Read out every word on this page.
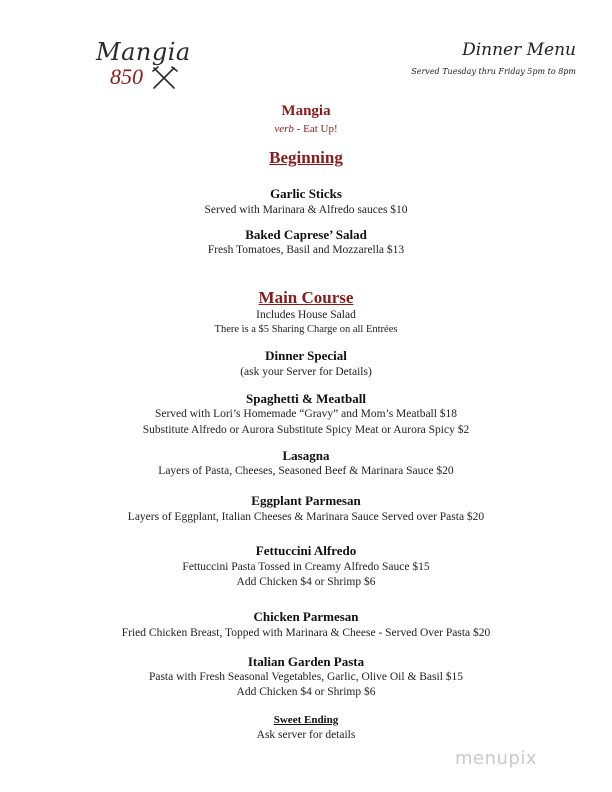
Mangia
850
Dinner Menu
Served Tuesday thru Friday 5pm to 8pm
Mangia
verb - Eat Up!
Beginning
Garlic Sticks
Served with Marinara & Alfredo sauces $10
Baked Caprese’ Salad
Fresh Tomatoes, Basil and Mozzarella $13
Main Course
Includes House Salad
There is a $5 Sharing Charge on all Entrées
Dinner Special
(ask your Server for Details)
Spaghetti & Meatball
Served with Lori’s Homemade “Gravy” and Mom’s Meatball $18
Substitute Alfredo or Aurora Substitute Spicy Meat or Aurora Spicy $2
Lasagna
Layers of Pasta, Cheeses, Seasoned Beef & Marinara Sauce $20
Eggplant Parmesan
Layers of Eggplant, Italian Cheeses & Marinara Sauce Served over Pasta $20
Fettuccini Alfredo
Fettuccini Pasta Tossed in Creamy Alfredo Sauce $15
Add Chicken $4 or Shrimp $6
Chicken Parmesan
Fried Chicken Breast, Topped with Marinara & Cheese - Served Over Pasta $20
Italian Garden Pasta
Pasta with Fresh Seasonal Vegetables, Garlic, Olive Oil & Basil $15
Add Chicken $4 or Shrimp $6
Sweet Ending
Ask server for details
menupix
